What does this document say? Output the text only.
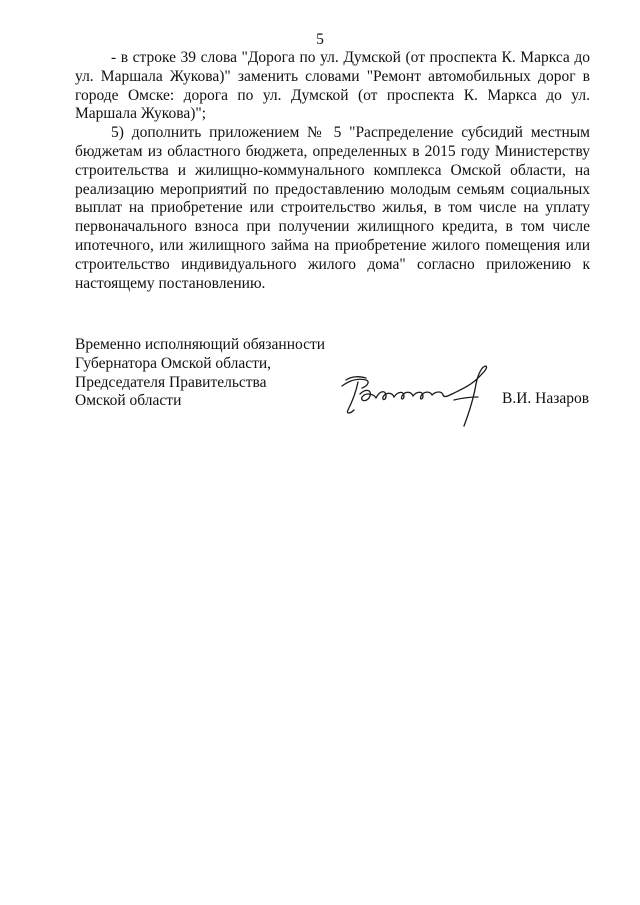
5

- в строке 39 слова "Дорога по ул. Думской (от проспекта К. Маркса до ул. Маршала Жукова)" заменить словами "Ремонт автомобильных дорог в городе Омске: дорога по ул. Думской (от проспекта К. Маркса до ул. Маршала Жукова)";

5) дополнить приложением № 5 "Распределение субсидий местным бюджетам из областного бюджета, определенных в 2015 году Министерству строительства и жилищно-коммунального комплекса Омской области, на реализацию мероприятий по предоставлению молодым семьям социальных выплат на приобретение или строительство жилья, в том числе на уплату первоначального взноса при получении жилищного кредита, в том числе ипотечного, или жилищного займа на приобретение жилого помещения или строительство индивидуального жилого дома" согласно приложению к настоящему постановлению.

Временно исполняющий обязанности
Губернатора Омской области,
Председателя Правительства
Омской области	В.И. Назаров
